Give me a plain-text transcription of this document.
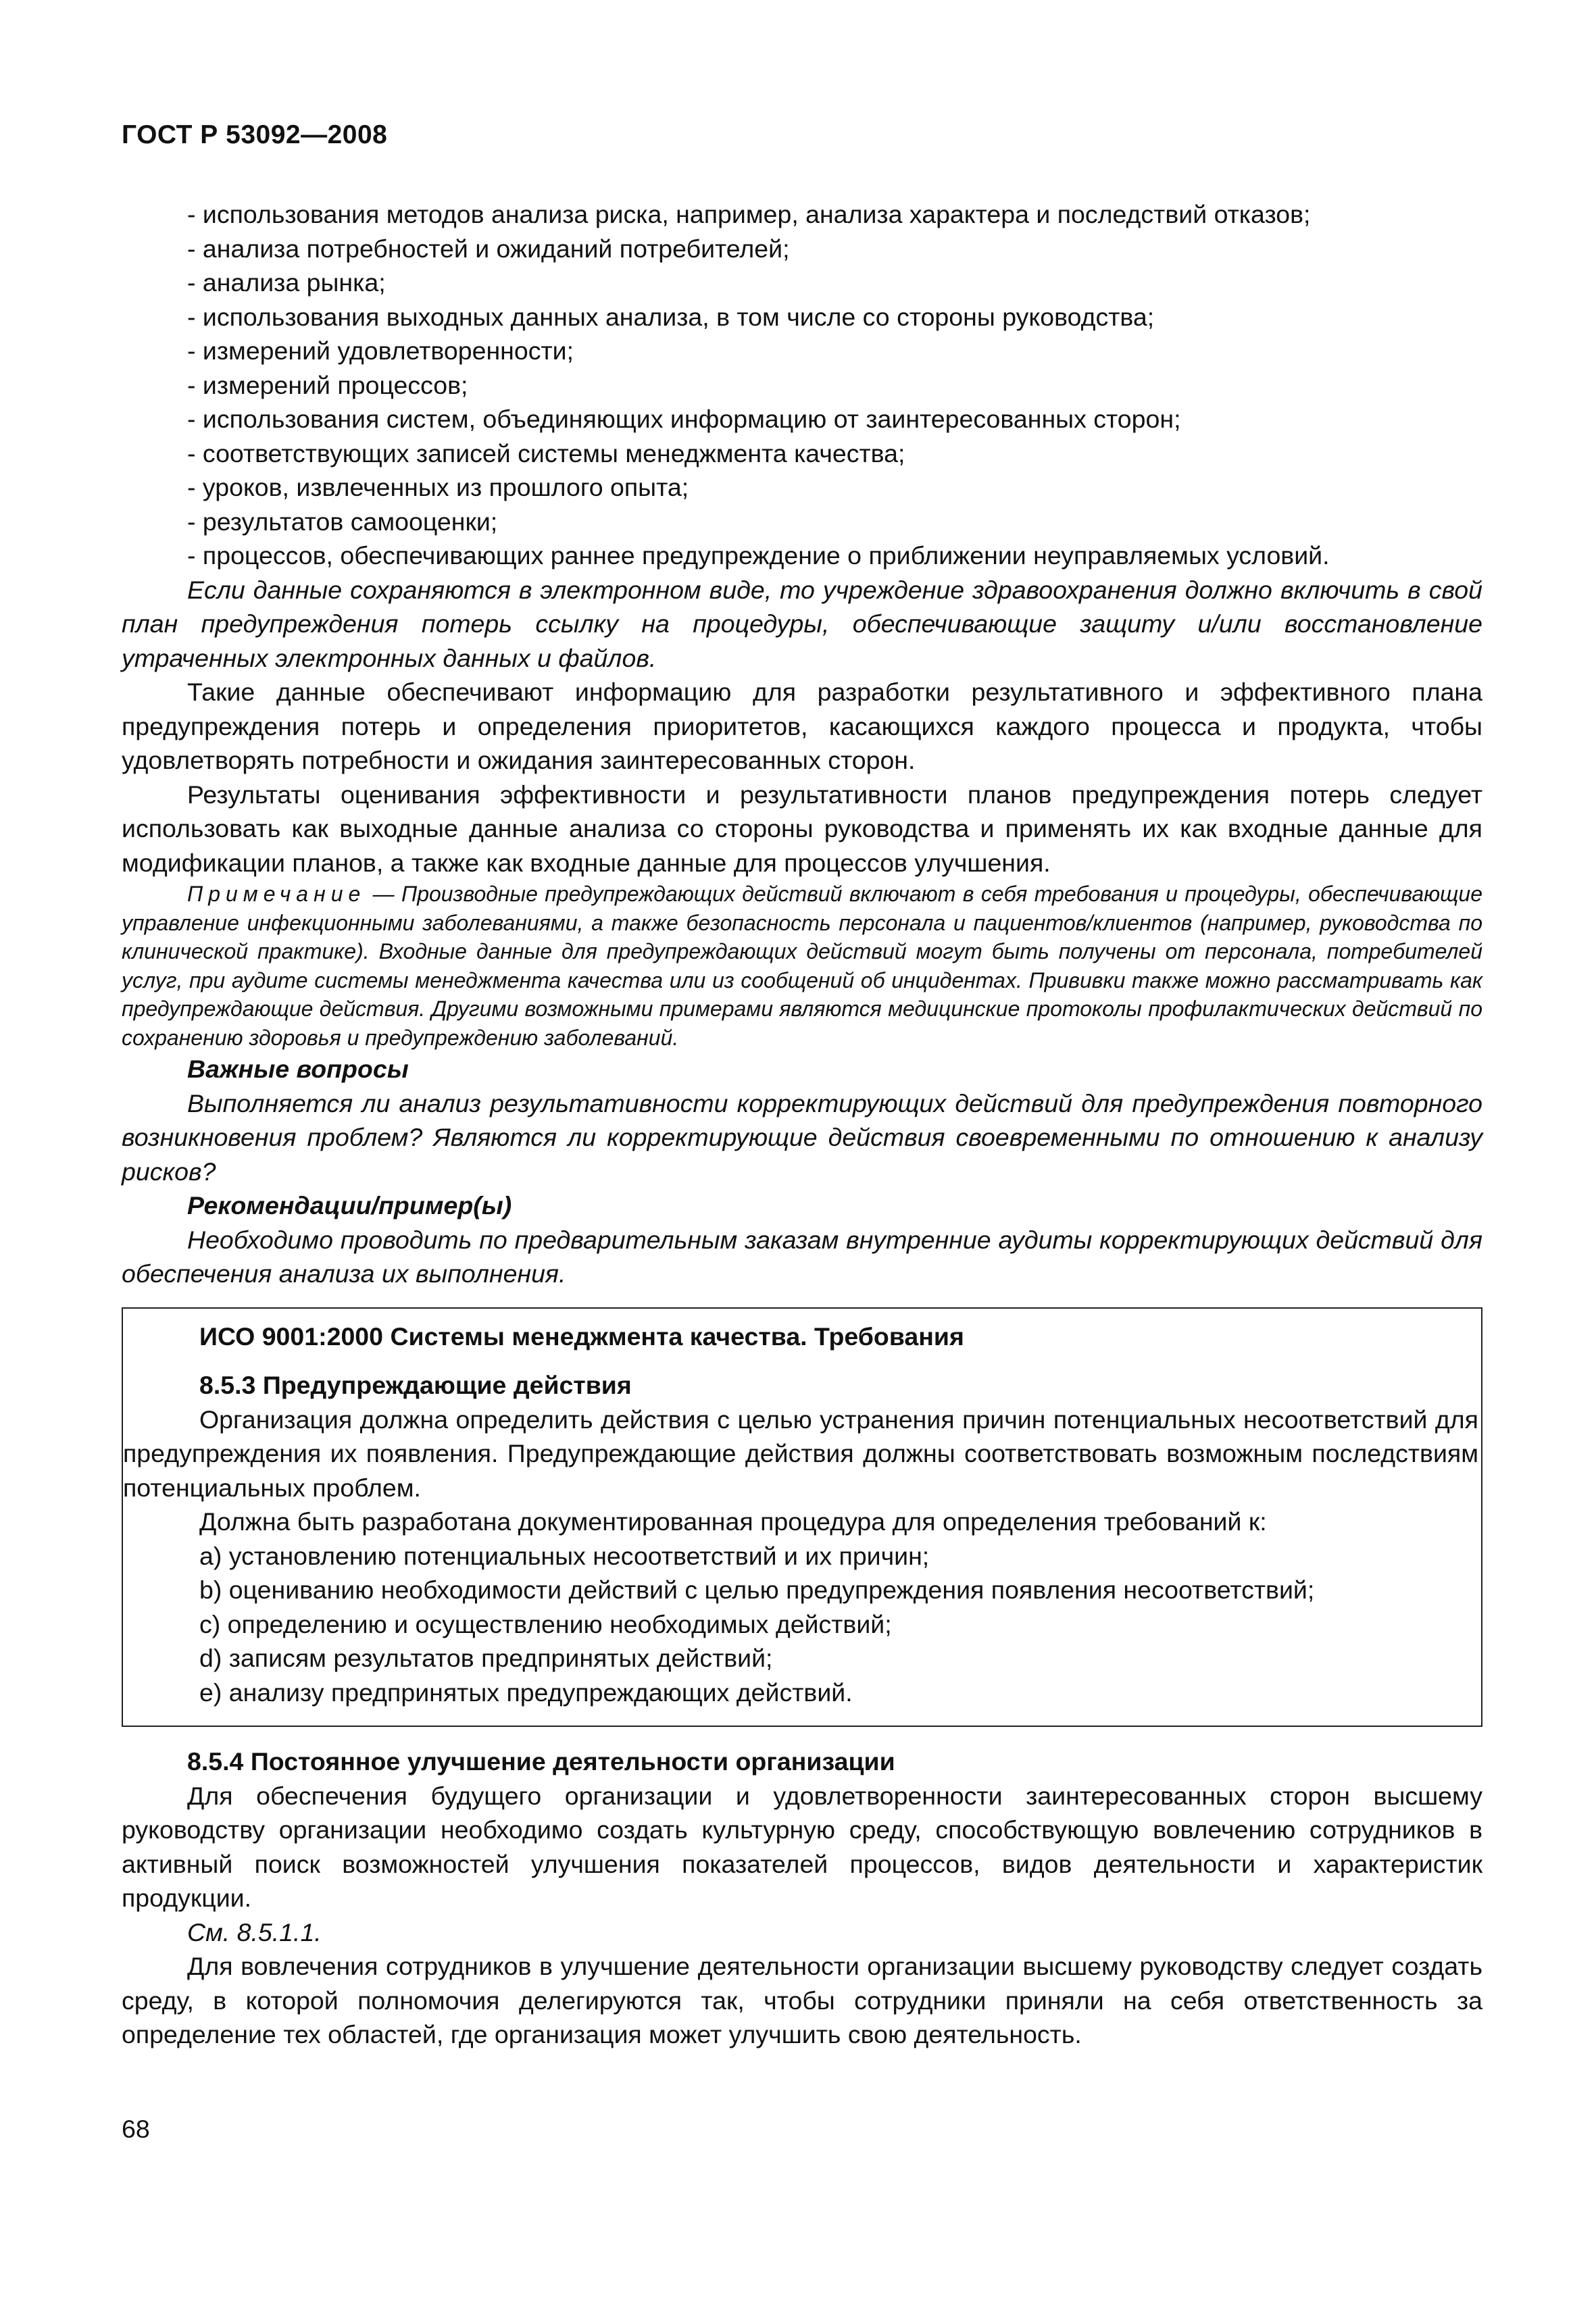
ГОСТ Р 53092—2008

- использования методов анализа риска, например, анализа характера и последствий отказов;

- анализа потребностей и ожиданий потребителей;

- анализа рынка;

- использования выходных данных анализа, в том числе со стороны руководства;

- измерений удовлетворенности;

- измерений процессов;

- использования систем, объединяющих информацию от заинтересованных сторон;

- соответствующих записей системы менеджмента качества;

- уроков, извлеченных из прошлого опыта;

- результатов самооценки;

- процессов, обеспечивающих раннее предупреждение о приближении неуправляемых условий.

Если данные сохраняются в электронном виде, то учреждение здравоохранения должно включить в свой план предупреждения потерь ссылку на процедуры, обеспечивающие защиту и/или восстановление утраченных электронных данных и файлов.

Такие данные обеспечивают информацию для разработки результативного и эффективного плана предупреждения потерь и определения приоритетов, касающихся каждого процесса и продукта, чтобы удовлетворять потребности и ожидания заинтересованных сторон.

Результаты оценивания эффективности и результативности планов предупреждения потерь следует использовать как выходные данные анализа со стороны руководства и применять их как входные данные для модификации планов, а также как входные данные для процессов улучшения.

Примечание — Производные предупреждающих действий включают в себя требования и процедуры, обеспечивающие управление инфекционными заболеваниями, а также безопасность персонала и пациентов/клиентов (например, руководства по клинической практике). Входные данные для предупреждающих действий могут быть получены от персонала, потребителей услуг, при аудите системы менеджмента качества или из сообщений об инцидентах. Прививки также можно рассматривать как предупреждающие действия. Другими возможными примерами являются медицинские протоколы профилактических действий по сохранению здоровья и предупреждению заболеваний.

Важные вопросы

Выполняется ли анализ результативности корректирующих действий для предупреждения повторного возникновения проблем? Являются ли корректирующие действия своевременными по отношению к анализу рисков?

Рекомендации/пример(ы)

Необходимо проводить по предварительным заказам внутренние аудиты корректирующих действий для обеспечения анализа их выполнения.

ИСО 9001:2000 Системы менеджмента качества. Требования

8.5.3 Предупреждающие действия

Организация должна определить действия с целью устранения причин потенциальных несоответствий для предупреждения их появления. Предупреждающие действия должны соответствовать возможным последствиям потенциальных проблем.

Должна быть разработана документированная процедура для определения требований к:

a) установлению потенциальных несоответствий и их причин;

b) оцениванию необходимости действий с целью предупреждения появления несоответствий;

c) определению и осуществлению необходимых действий;

d) записям результатов предпринятых действий;

e) анализу предпринятых предупреждающих действий.

8.5.4 Постоянное улучшение деятельности организации

Для обеспечения будущего организации и удовлетворенности заинтересованных сторон высшему руководству организации необходимо создать культурную среду, способствующую вовлечению сотрудников в активный поиск возможностей улучшения показателей процессов, видов деятельности и характеристик продукции.

См. 8.5.1.1.

Для вовлечения сотрудников в улучшение деятельности организации высшему руководству следует создать среду, в которой полномочия делегируются так, чтобы сотрудники приняли на себя ответственность за определение тех областей, где организация может улучшить свою деятельность.

68
